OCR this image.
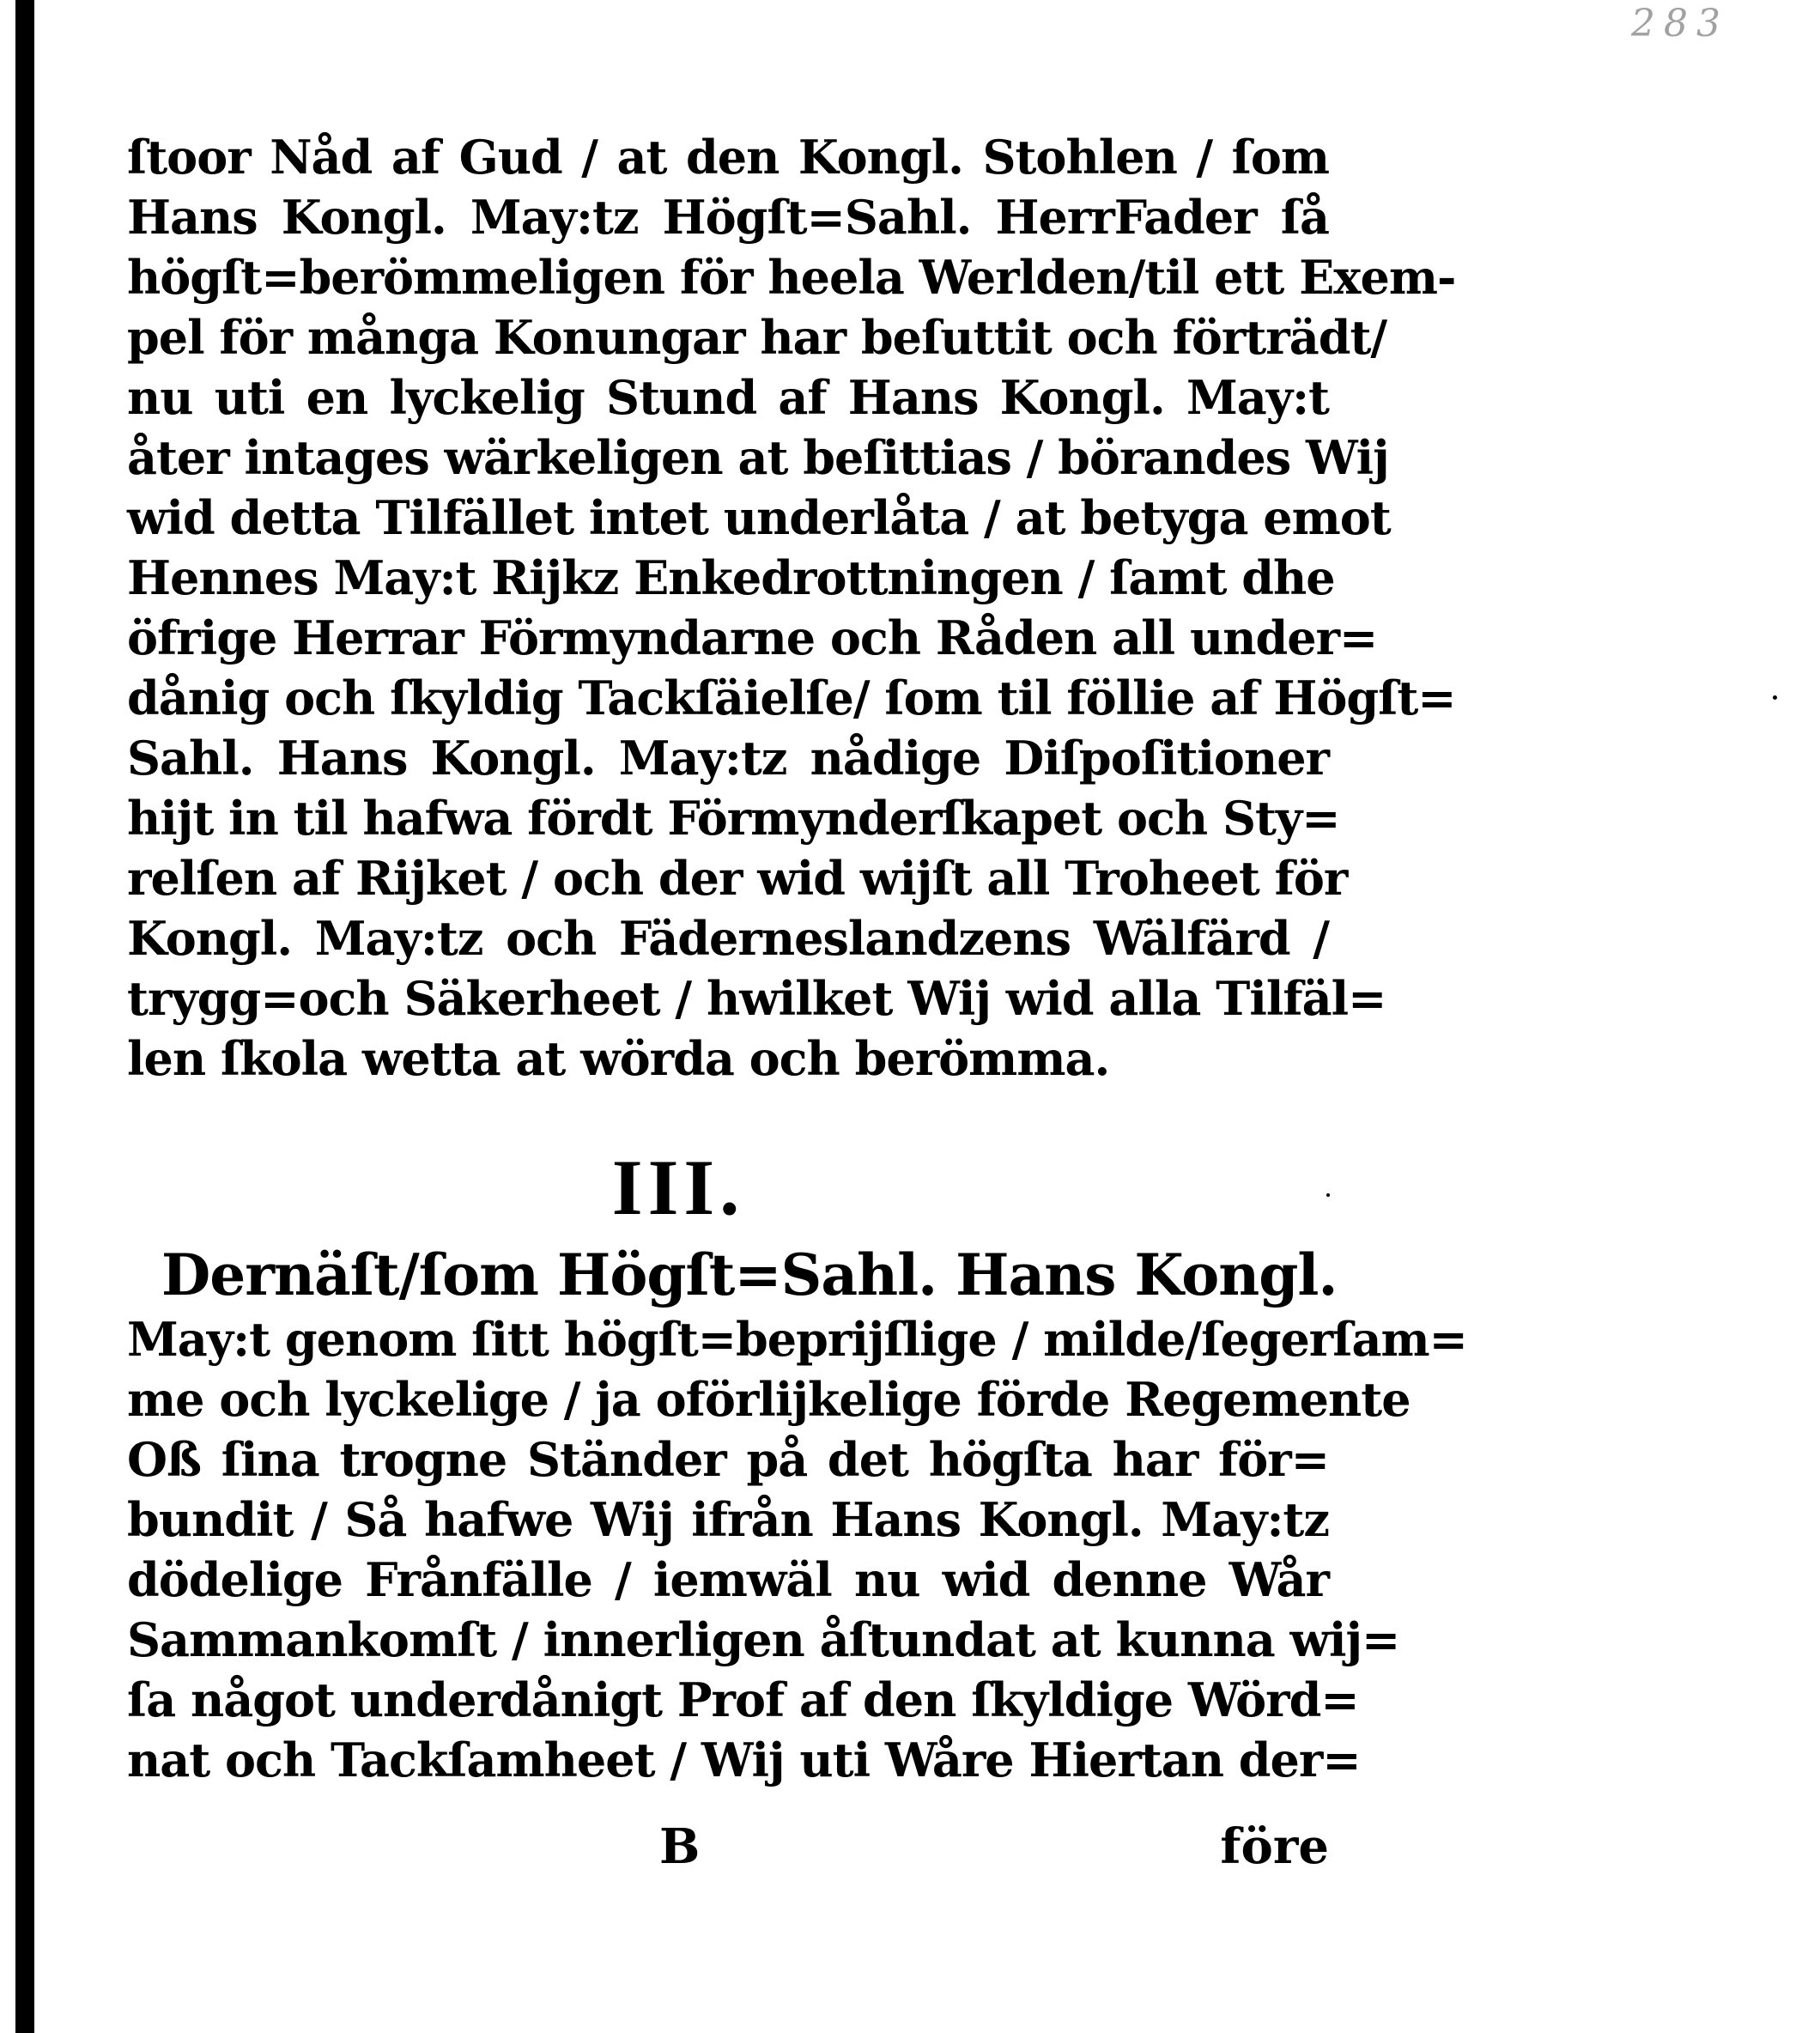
283
ſtoor Nåd af Gud / at den Kongl. Stohlen / ſom
Hans Kongl. May:tz Högſt=Sahl. HerrFader ſå
högſt=berömmeligen för heela Werlden/til ett Exem-
pel för många Konungar har beſuttit och förträdt/
nu uti en lyckelig Stund af Hans Kongl. May:t
åter intages wärkeligen at beſittias / börandes Wij
wid detta Tilfället intet underlåta / at betyga emot
Hennes May:t Rijkz Enkedrottningen / ſamt dhe
öfrige Herrar Förmyndarne och Råden all under=
dånig och ſkyldig Tackſäielſe/ ſom til föllie af Högſt=
Sahl. Hans Kongl. May:tz nådige Diſpoſitioner
hijt in til hafwa fördt Förmynderſkapet och Sty=
relſen af Rijket / och der wid wijſt all Troheet för
Kongl. May:tz och Fäderneslandzens Wälfärd /
trygg=och Säkerheet / hwilket Wij wid alla Tilfäl=
len ſkola wetta at wörda och berömma.
III.
Dernäſt/ſom Högſt=Sahl. Hans Kongl.
May:t genom ſitt högſt=beprijſlige / milde/ſegerſam=
me och lyckelige / ja oförlijkelige förde Regemente
Oß ſina trogne Ständer på det högſta har för=
bundit / Så hafwe Wij ifrån Hans Kongl. May:tz
dödelige Frånfälle / iemwäl nu wid denne Wår
Sammankomſt / innerligen åſtundat at kunna wij=
ſa något underdånigt Prof af den ſkyldige Wörd=
nat och Tackſamheet / Wij uti Wåre Hiertan der=
B	före
